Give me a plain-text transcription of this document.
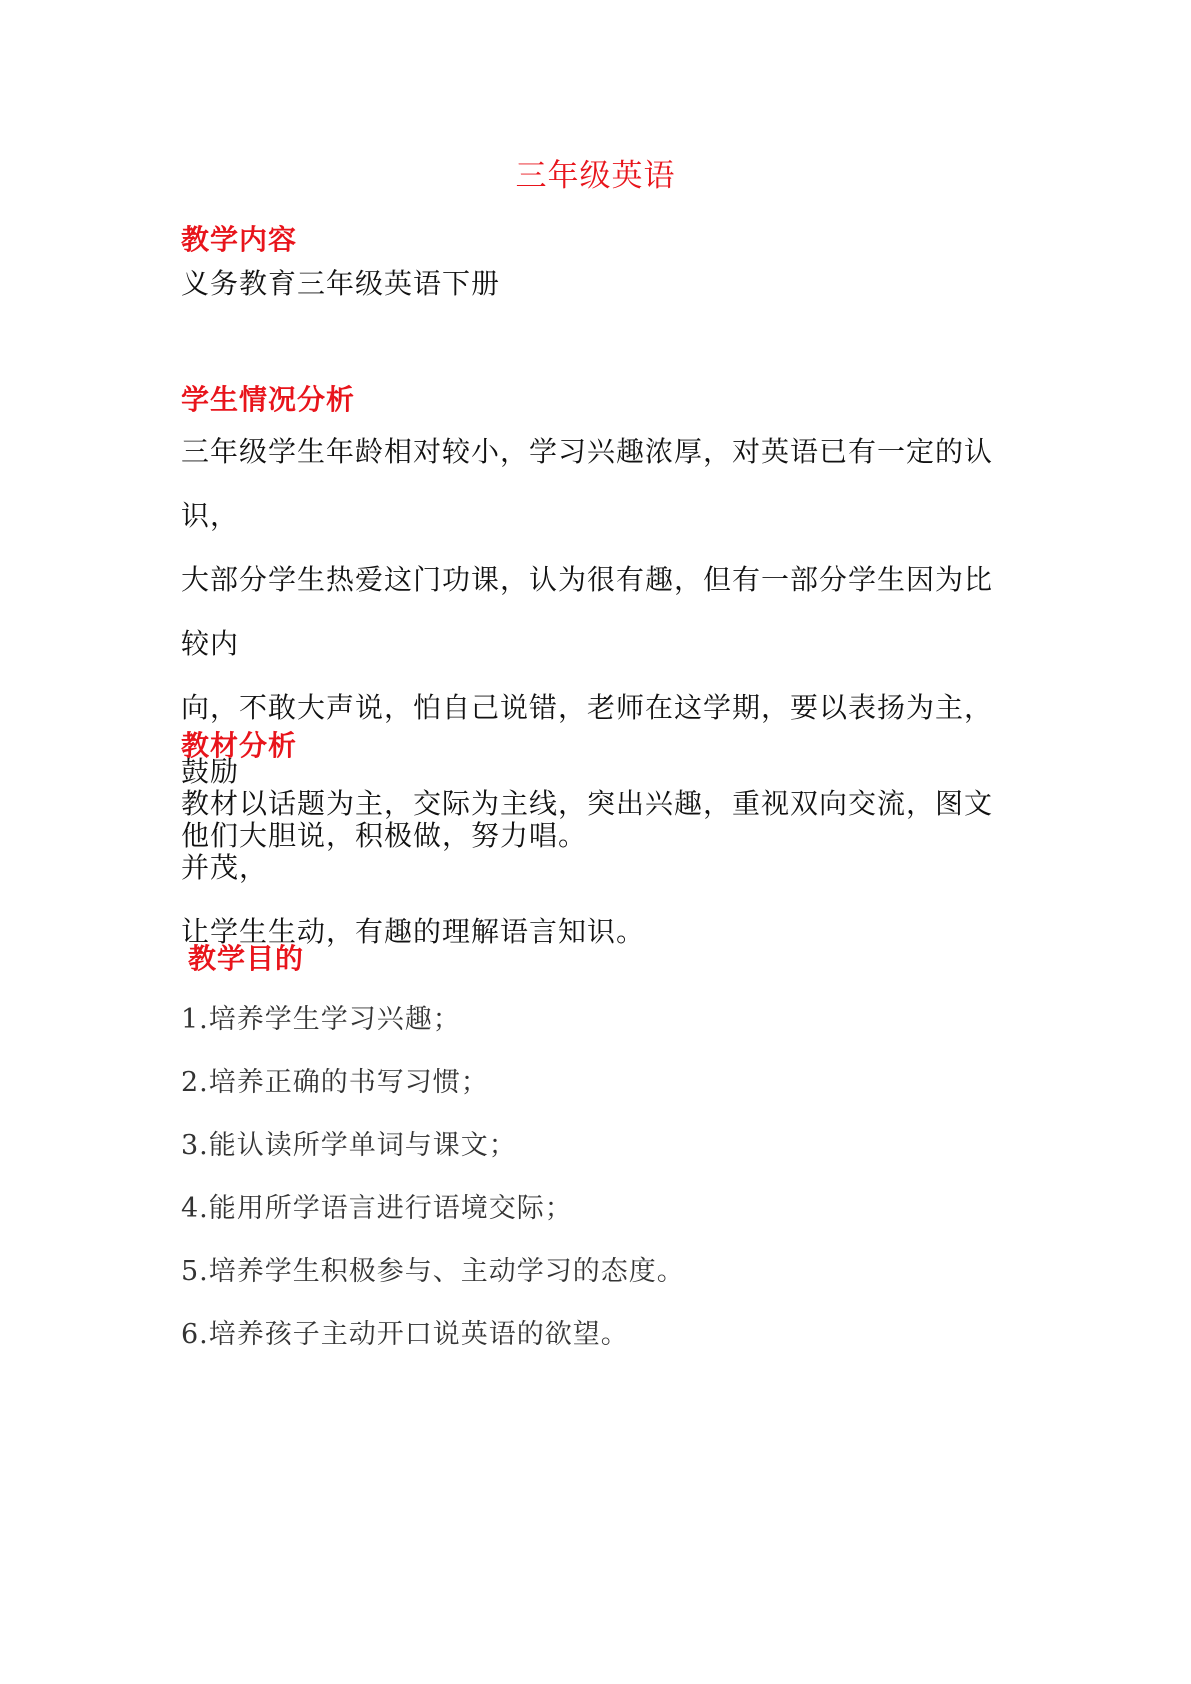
三年级英语
教学内容
义务教育三年级英语下册
学生情况分析
三年级学生年龄相对较小，学习兴趣浓厚，对英语已有一定的认识，
大部分学生热爱这门功课，认为很有趣，但有一部分学生因为比较内
向，不敢大声说，怕自己说错，老师在这学期，要以表扬为主，鼓励
他们大胆说，积极做，努力唱。
教材分析
教材以话题为主，交际为主线，突出兴趣，重视双向交流，图文并茂，
让学生生动，有趣的理解语言知识。
教学目的
1.培养学生学习兴趣；
2.培养正确的书写习惯；
3.能认读所学单词与课文；
4.能用所学语言进行语境交际；
5.培养学生积极参与、主动学习的态度。
6.培养孩子主动开口说英语的欲望。
